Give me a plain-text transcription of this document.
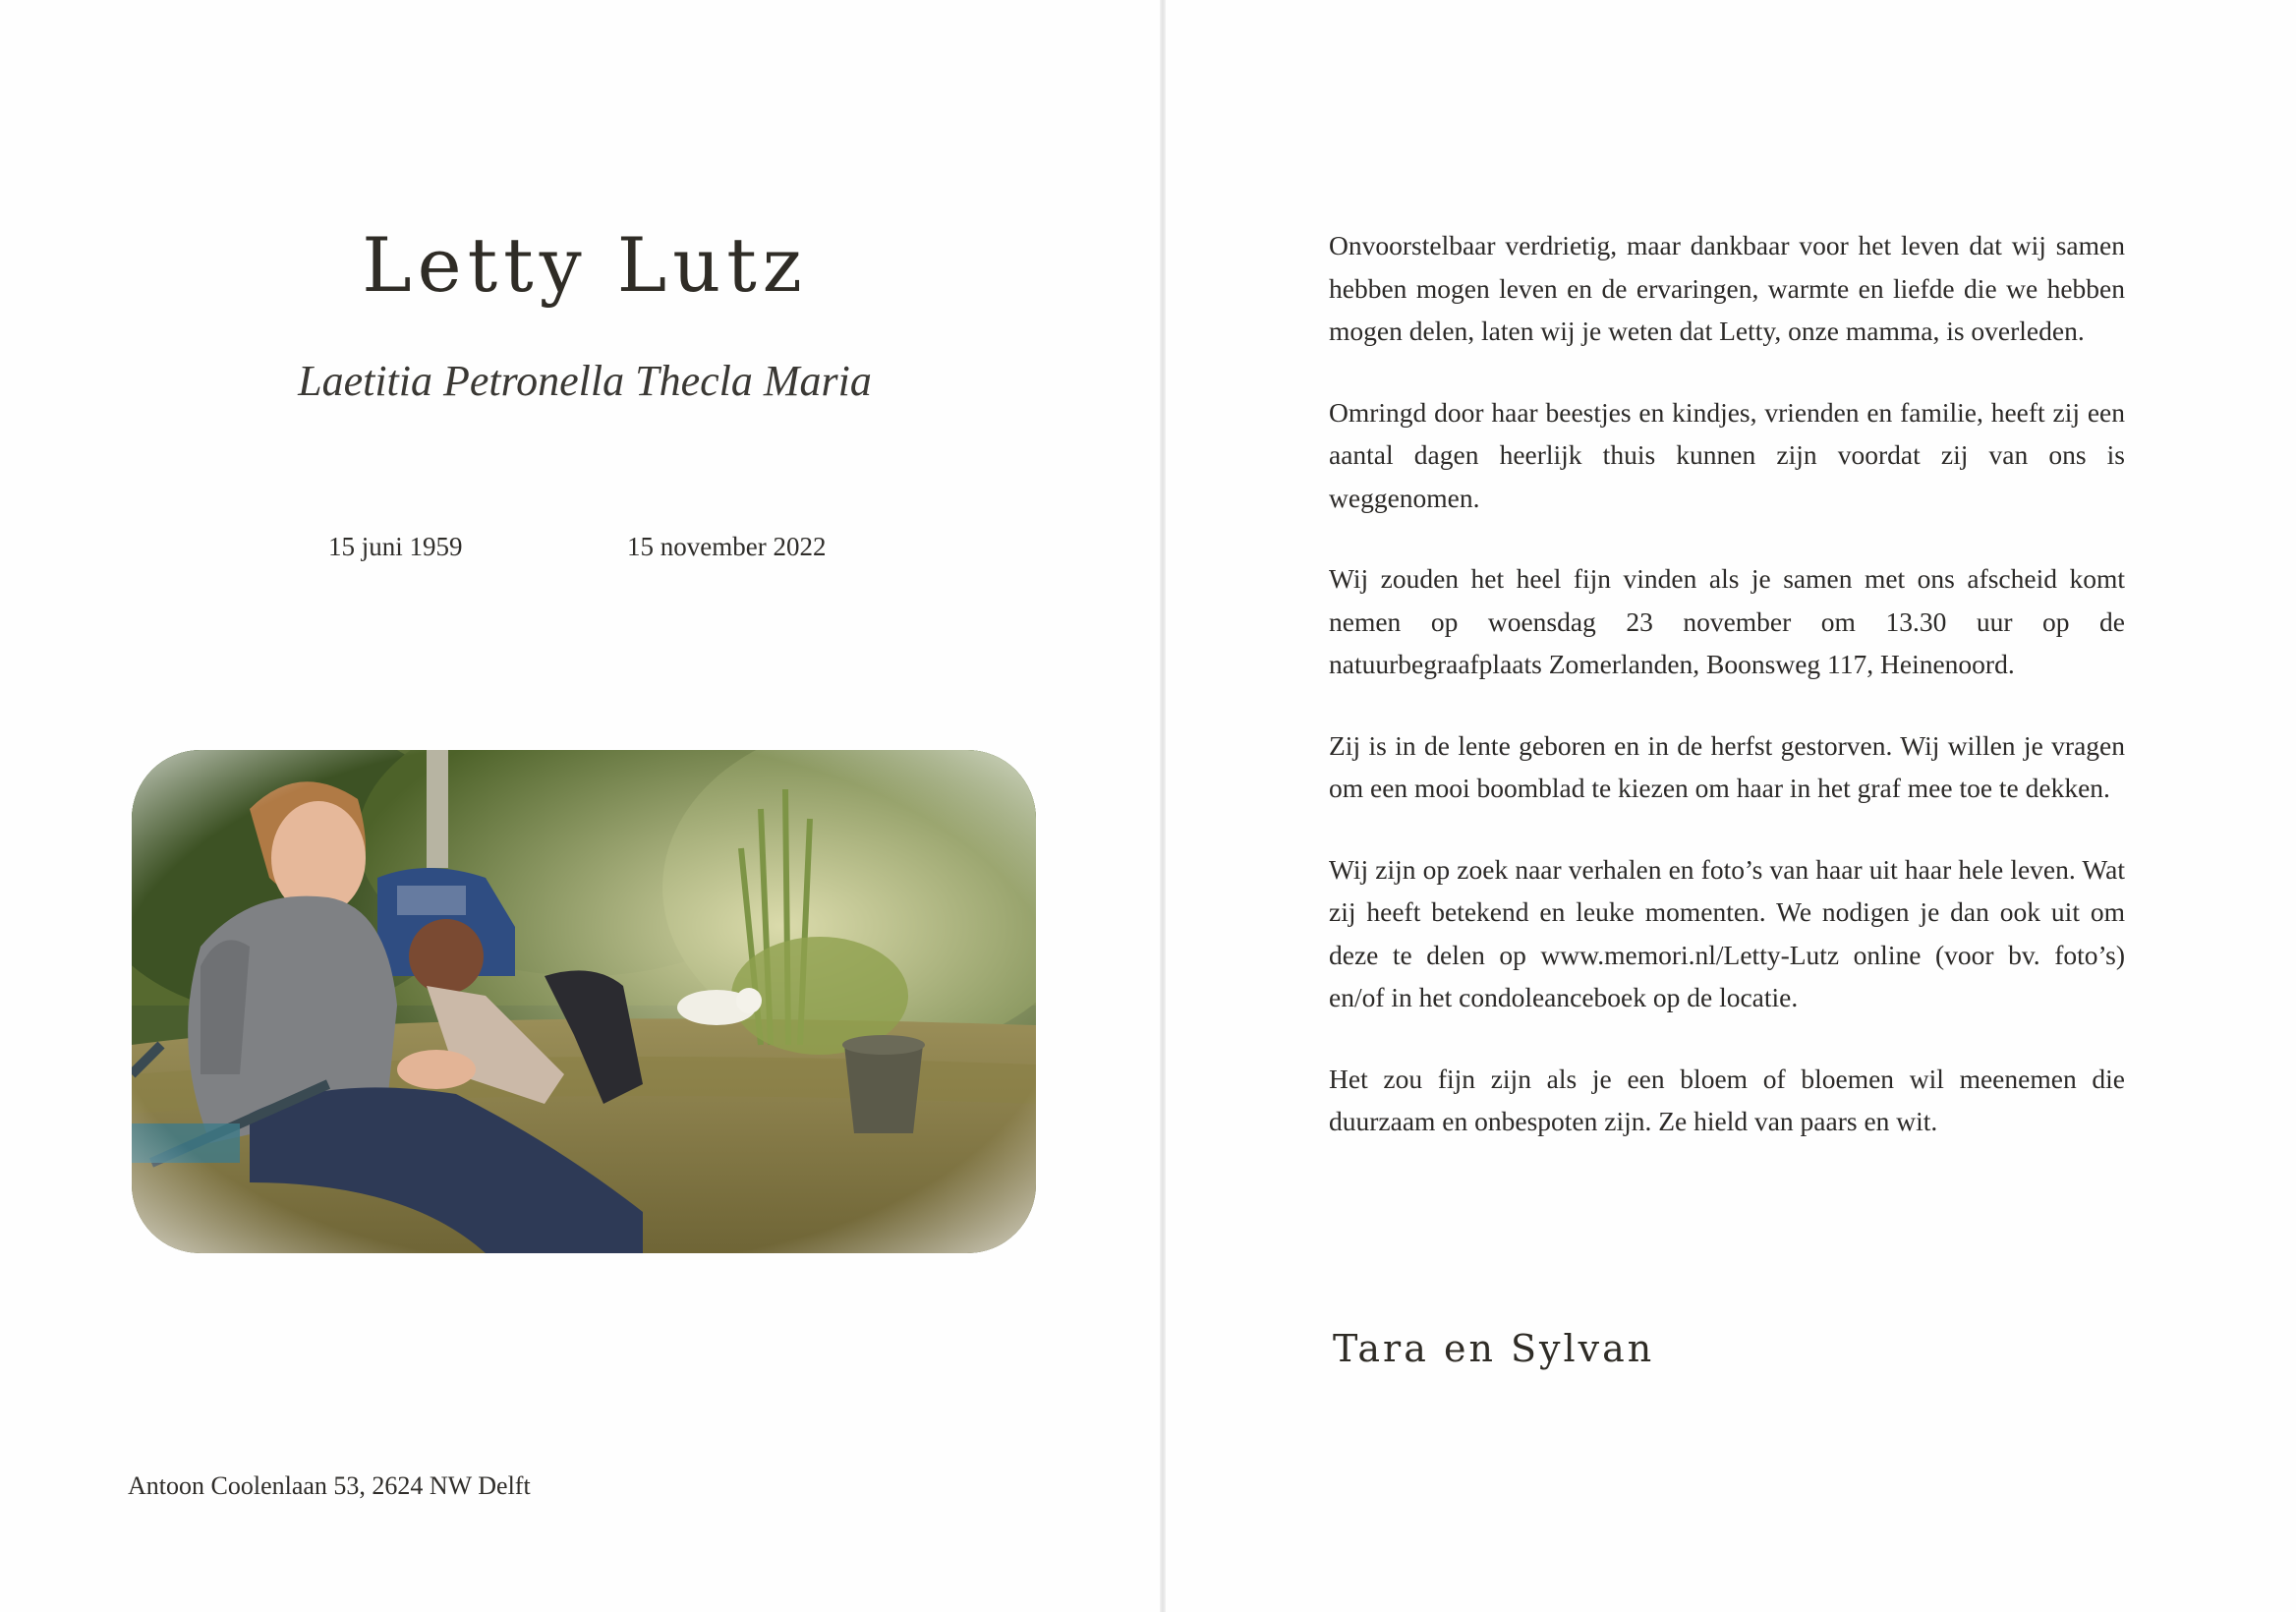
Letty Lutz
Laetitia Petronella Thecla Maria
15 juni 1959	15 november 2022
Antoon Coolenlaan 53, 2624 NW Delft

Onvoorstelbaar verdrietig, maar dankbaar voor het leven dat wij samen hebben mogen leven en de ervaringen, warmte en liefde die we hebben mogen delen, laten wij je weten dat Letty, onze mamma, is overleden.

Omringd door haar beestjes en kindjes, vrienden en familie, heeft zij een aantal dagen heerlijk thuis kunnen zijn voordat zij van ons is weggenomen.

Wij zouden het heel fijn vinden als je samen met ons afscheid komt nemen op woensdag 23 november om 13.30 uur op de natuurbegraafplaats Zomerlanden, Boonsweg 117, Heinenoord.

Zij is in de lente geboren en in de herfst gestorven. Wij willen je vragen om een mooi boomblad te kiezen om haar in het graf mee toe te dekken.

Wij zijn op zoek naar verhalen en foto’s van haar uit haar hele leven. Wat zij heeft betekend en leuke momenten. We nodigen je dan ook uit om deze te delen op www.memori.nl/Letty-Lutz online (voor bv. foto’s) en/of in het condoleanceboek op de locatie.

Het zou fijn zijn als je een bloem of bloemen wil meenemen die duurzaam en onbespoten zijn. Ze hield van paars en wit.

Tara en Sylvan
